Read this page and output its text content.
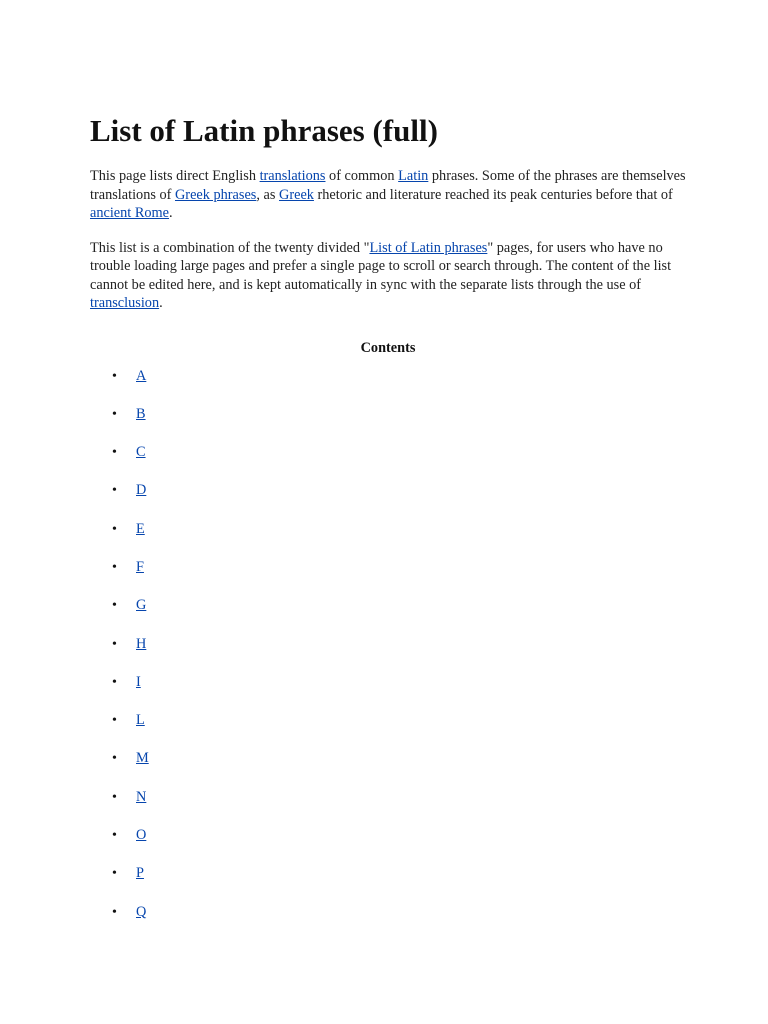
List of Latin phrases (full)

This page lists direct English translations of common Latin phrases. Some of the phrases are themselves translations of Greek phrases, as Greek rhetoric and literature reached its peak centuries before that of ancient Rome.

This list is a combination of the twenty divided "List of Latin phrases" pages, for users who have no trouble loading large pages and prefer a single page to scroll or search through. The content of the list cannot be edited here, and is kept automatically in sync with the separate lists through the use of transclusion.

Contents
• A
• B
• C
• D
• E
• F
• G
• H
• I
• L
• M
• N
• O
• P
• Q
